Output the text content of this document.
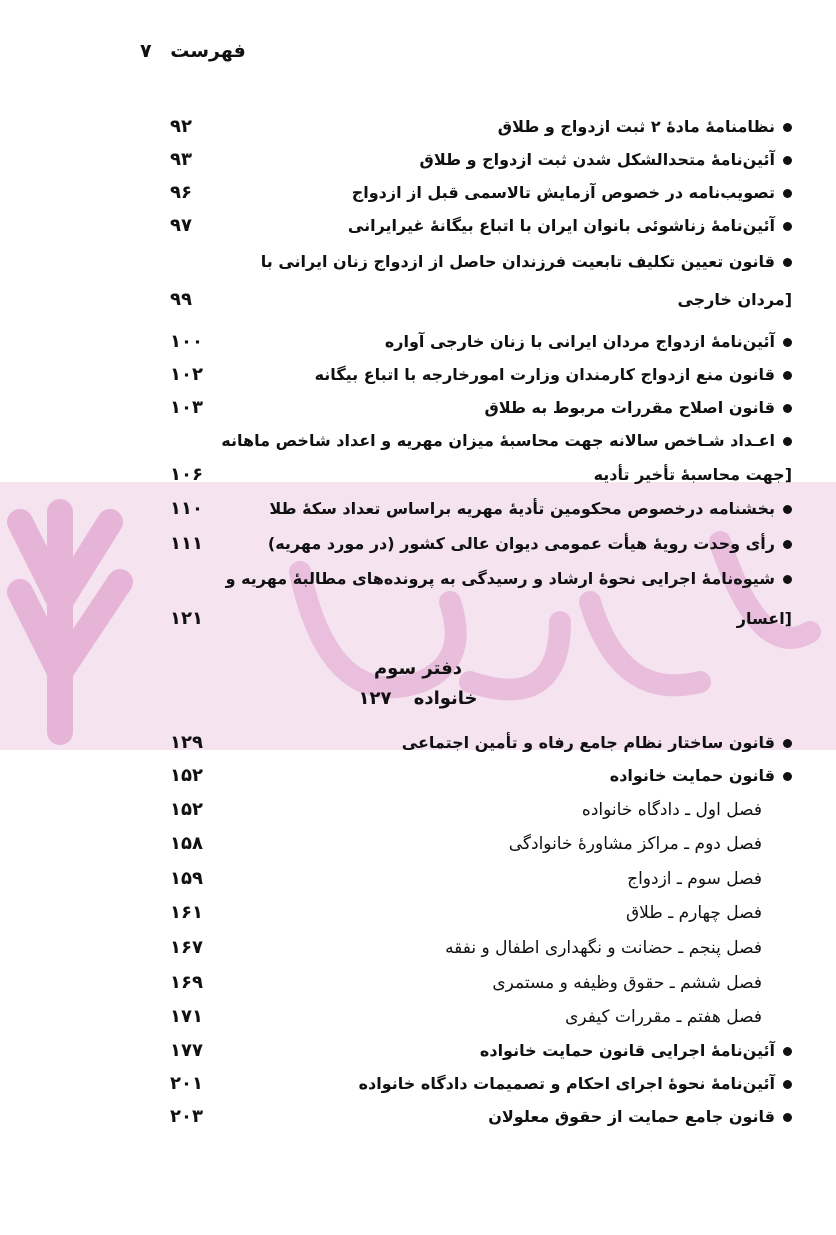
فهرست ۷
نظامنامهٔ مادهٔ ۲ ثبت ازدواج و طلاق
۹۲
آئین‌نامهٔ متحدالشکل شدن ثبت ازدواج و طلاق
۹۳
تصویب‌نامه در خصوص آزمایش تالاسمی قبل از ازدواج
۹۶
آئین‌نامهٔ زناشوئی بانوان ایران با اتباع بیگانهٔ غیرایرانی
۹۷
قانون تعیین تکلیف تابعیت فرزندان حاصل از ازدواج زنان ایرانی با
[مردان خارجی
۹۹
آئین‌نامهٔ ازدواج مردان ایرانی با زنان خارجی آواره
۱۰۰
قانون منع ازدواج کارمندان وزارت امورخارجه با اتباع بیگانه
۱۰۲
قانون اصلاح مقررات مربوط به طلاق
۱۰۳
اعـداد شـاخص سالانه جهت محاسبهٔ میزان مهریه و اعداد شاخص ماهانه
[جهت محاسبهٔ تأخیر تأدیه
۱۰۶
بخشنامه درخصوص محکومین تأدیهٔ مهریه براساس تعداد سکهٔ طلا
۱۱۰
رأی وحدت رویهٔ هیأت عمومی دیوان عالی کشور (در مورد مهریه)
۱۱۱
شیوه‌نامهٔ اجرایی نحوهٔ ارشاد و رسیدگی به پرونده‌های مطالبهٔ مهریه و
[اعسار
۱۲۱
دفتر سوم
خانواده ۱۲۷
قانون ساختار نظام جامع رفاه و تأمین اجتماعی
۱۲۹
قانون حمایت خانواده
۱۵۲
فصل اول ـ دادگاه خانواده
۱۵۲
فصل دوم ـ مراکز مشاورهٔ خانوادگی
۱۵۸
فصل سوم ـ ازدواج
۱۵۹
فصل چهارم ـ طلاق
۱۶۱
فصل پنجم ـ حضانت و نگهداری اطفال و نفقه
۱۶۷
فصل ششم ـ حقوق وظیفه و مستمری
۱۶۹
فصل هفتم ـ مقررات کیفری
۱۷۱
آئین‌نامهٔ اجرایی قانون حمایت خانواده
۱۷۷
آئین‌نامهٔ نحوهٔ اجرای احکام و تصمیمات دادگاه خانواده
۲۰۱
قانون جامع حمایت از حقوق معلولان
۲۰۳
